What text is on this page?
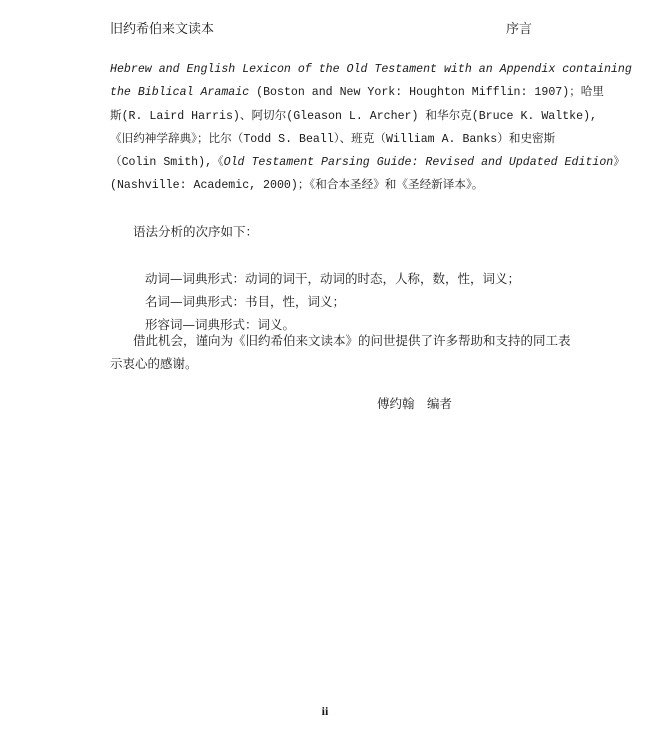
旧约希伯来文读本	序言
Hebrew and English Lexicon of the Old Testament with an Appendix containing
the Biblical Aramaic (Boston and New York: Houghton Mifflin: 1907)；哈里
斯(R. Laird Harris)、阿切尔(Gleason L. Archer) 和华尔克(Bruce K. Waltke),
《旧约神学辞典》；比尔（Todd S. Beall）、班克（William A. Banks）和史密斯
（Colin Smith),《Old Testament Parsing Guide: Revised and Updated Edition》
(Nashville: Academic, 2000)；《和合本圣经》和《圣经新译本》。
语法分析的次序如下：
动词—词典形式：动词的词干，动词的时态，人称，数，性，词义；
名词—词典形式：书目，性，词义；
形容词—词典形式：词义。
借此机会，谨向为《旧约希伯来文读本》的问世提供了许多帮助和支持的同工表
示衷心的感谢。
傅约翰　编者
ii
